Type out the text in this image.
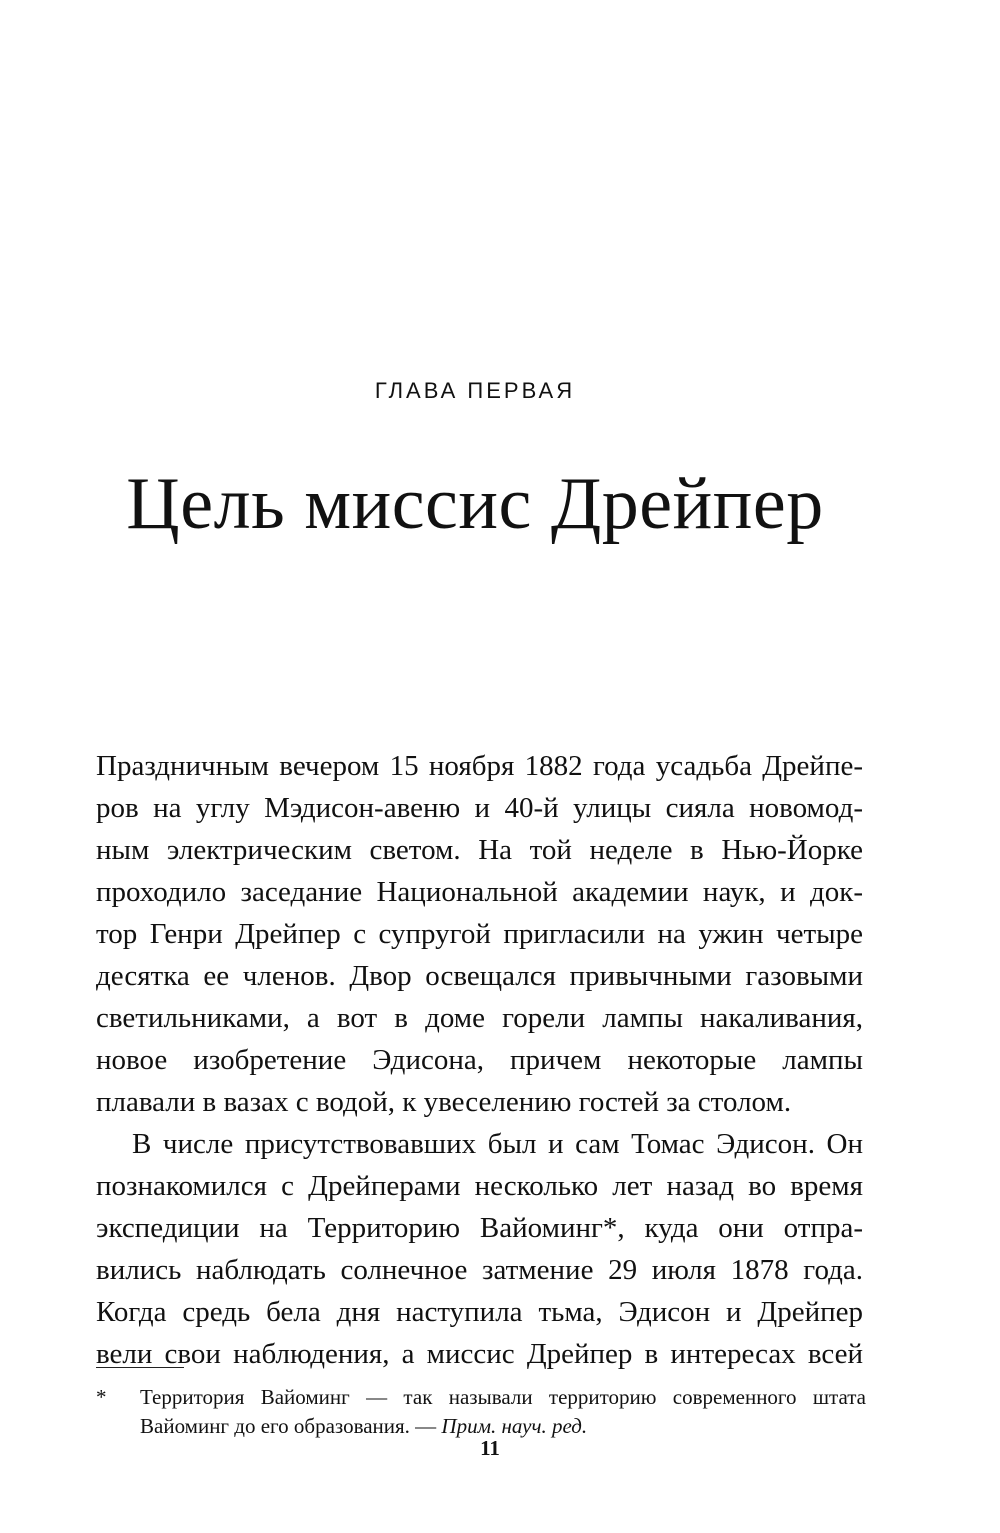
ГЛАВА ПЕРВАЯ
Цель миссис Дрейпер
Праздничным вечером 15 ноября 1882 года усадьба Дрейпе-
ров на углу Мэдисон-авеню и 40-й улицы сияла новомод-
ным электрическим светом. На той неделе в Нью-Йорке
проходило заседание Национальной академии наук, и док-
тор Генри Дрейпер с супругой пригласили на ужин четыре
десятка ее членов. Двор освещался привычными газовыми
светильниками, а вот в доме горели лампы накаливания,
новое изобретение Эдисона, причем некоторые лампы
плавали в вазах с водой, к увеселению гостей за столом.
В числе присутствовавших был и сам Томас Эдисон. Он
познакомился с Дрейперами несколько лет назад во время
экспедиции на Территорию Вайоминг*, куда они отпра-
вились наблюдать солнечное затмение 29 июля 1878 года.
Когда средь бела дня наступила тьма, Эдисон и Дрейпер
вели свои наблюдения, а миссис Дрейпер в интересах всей
* Территория Вайоминг — так называли территорию современного штата
Вайоминг до его образования. — Прим. науч. ред.
11
